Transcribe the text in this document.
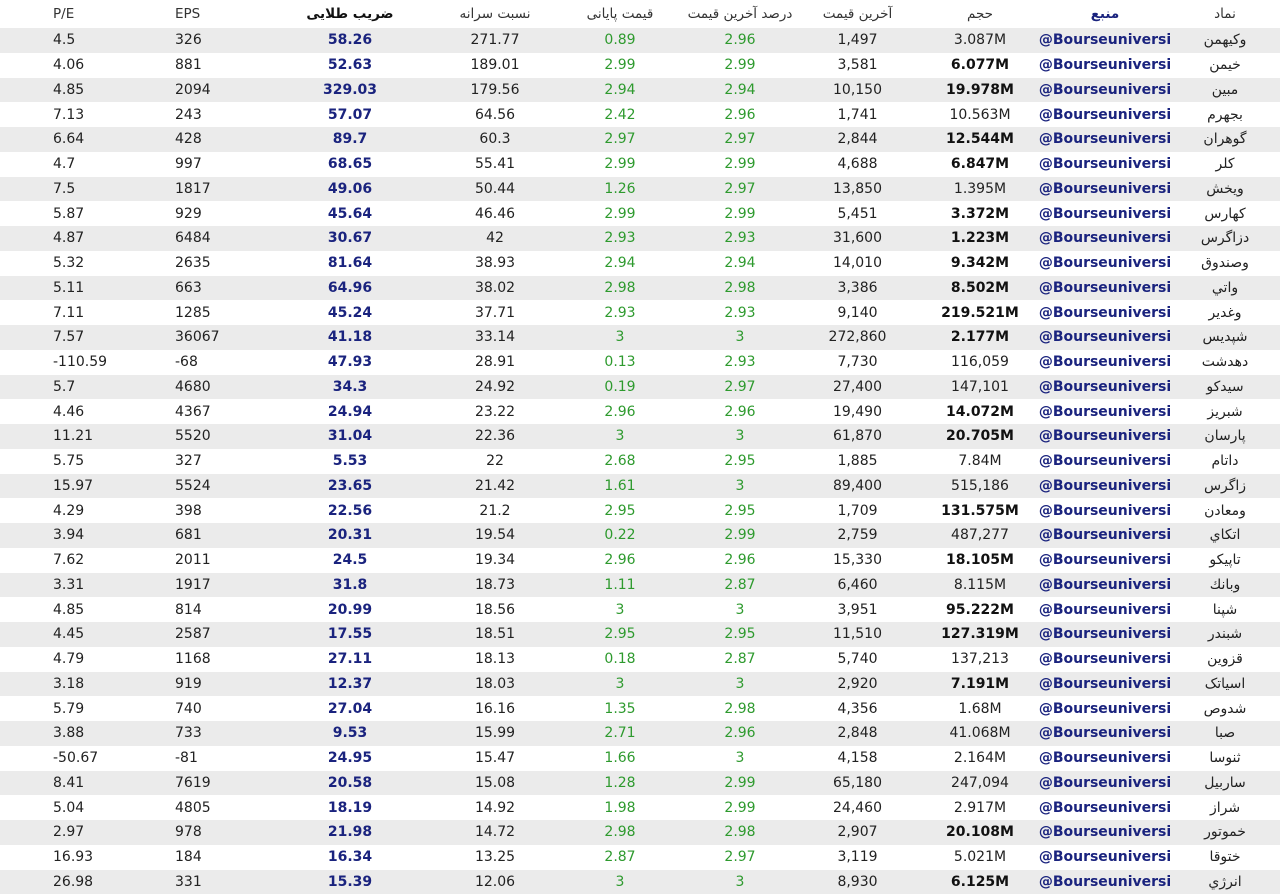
P/E	EPS	ضریب طلایی	نسبت سرانه	قیمت پایانی	درصد آخرین قیمت	آخرین قیمت	حجم	منبع	نماد
4.5	326	58.26	271.77	0.89	2.96	1,497	3.087M	@Bourseuniversi	وکیهمن
4.06	881	52.63	189.01	2.99	2.99	3,581	6.077M	@Bourseuniversi	خیمن
4.85	2094	329.03	179.56	2.94	2.94	10,150	19.978M	@Bourseuniversi	مبین
7.13	243	57.07	64.56	2.42	2.96	1,741	10.563M	@Bourseuniversi	بجهرم
6.64	428	89.7	60.3	2.97	2.97	2,844	12.544M	@Bourseuniversi	گوهران
4.7	997	68.65	55.41	2.99	2.99	4,688	6.847M	@Bourseuniversi	کلر
7.5	1817	49.06	50.44	1.26	2.97	13,850	1.395M	@Bourseuniversi	ویخش
5.87	929	45.64	46.46	2.99	2.99	5,451	3.372M	@Bourseuniversi	کهارس
4.87	6484	30.67	42	2.93	2.93	31,600	1.223M	@Bourseuniversi	دزاگرس
5.32	2635	81.64	38.93	2.94	2.94	14,010	9.342M	@Bourseuniversi	وصندوق
5.11	663	64.96	38.02	2.98	2.98	3,386	8.502M	@Bourseuniversi	واتي
7.11	1285	45.24	37.71	2.93	2.93	9,140	219.521M	@Bourseuniversi	وغدير
7.57	36067	41.18	33.14	3	3	272,860	2.177M	@Bourseuniversi	شپدیس
-110.59	-68	47.93	28.91	0.13	2.93	7,730	116,059	@Bourseuniversi	دهدشت
5.7	4680	34.3	24.92	0.19	2.97	27,400	147,101	@Bourseuniversi	سیدکو
4.46	4367	24.94	23.22	2.96	2.96	19,490	14.072M	@Bourseuniversi	شبریز
11.21	5520	31.04	22.36	3	3	61,870	20.705M	@Bourseuniversi	پارسان
5.75	327	5.53	22	2.68	2.95	1,885	7.84M	@Bourseuniversi	داتام
15.97	5524	23.65	21.42	1.61	3	89,400	515,186	@Bourseuniversi	زاگرس
4.29	398	22.56	21.2	2.95	2.95	1,709	131.575M	@Bourseuniversi	ومعادن
3.94	681	20.31	19.54	0.22	2.99	2,759	487,277	@Bourseuniversi	اتکاي
7.62	2011	24.5	19.34	2.96	2.96	15,330	18.105M	@Bourseuniversi	تاپیکو
3.31	1917	31.8	18.73	1.11	2.87	6,460	8.115M	@Bourseuniversi	وبانك
4.85	814	20.99	18.56	3	3	3,951	95.222M	@Bourseuniversi	شپنا
4.45	2587	17.55	18.51	2.95	2.95	11,510	127.319M	@Bourseuniversi	شبندر
4.79	1168	27.11	18.13	0.18	2.87	5,740	137,213	@Bourseuniversi	قزوین
3.18	919	12.37	18.03	3	3	2,920	7.191M	@Bourseuniversi	اسیاتک
5.79	740	27.04	16.16	1.35	2.98	4,356	1.68M	@Bourseuniversi	شدوص
3.88	733	9.53	15.99	2.71	2.96	2,848	41.068M	@Bourseuniversi	صبا
-50.67	-81	24.95	15.47	1.66	3	4,158	2.164M	@Bourseuniversi	ثنوسا
8.41	7619	20.58	15.08	1.28	2.99	65,180	247,094	@Bourseuniversi	ساربیل
5.04	4805	18.19	14.92	1.98	2.99	24,460	2.917M	@Bourseuniversi	شراز
2.97	978	21.98	14.72	2.98	2.98	2,907	20.108M	@Bourseuniversi	خموتور
16.93	184	16.34	13.25	2.87	2.97	3,119	5.021M	@Bourseuniversi	ختوقا
26.98	331	15.39	12.06	3	3	8,930	6.125M	@Bourseuniversi	انرژي
